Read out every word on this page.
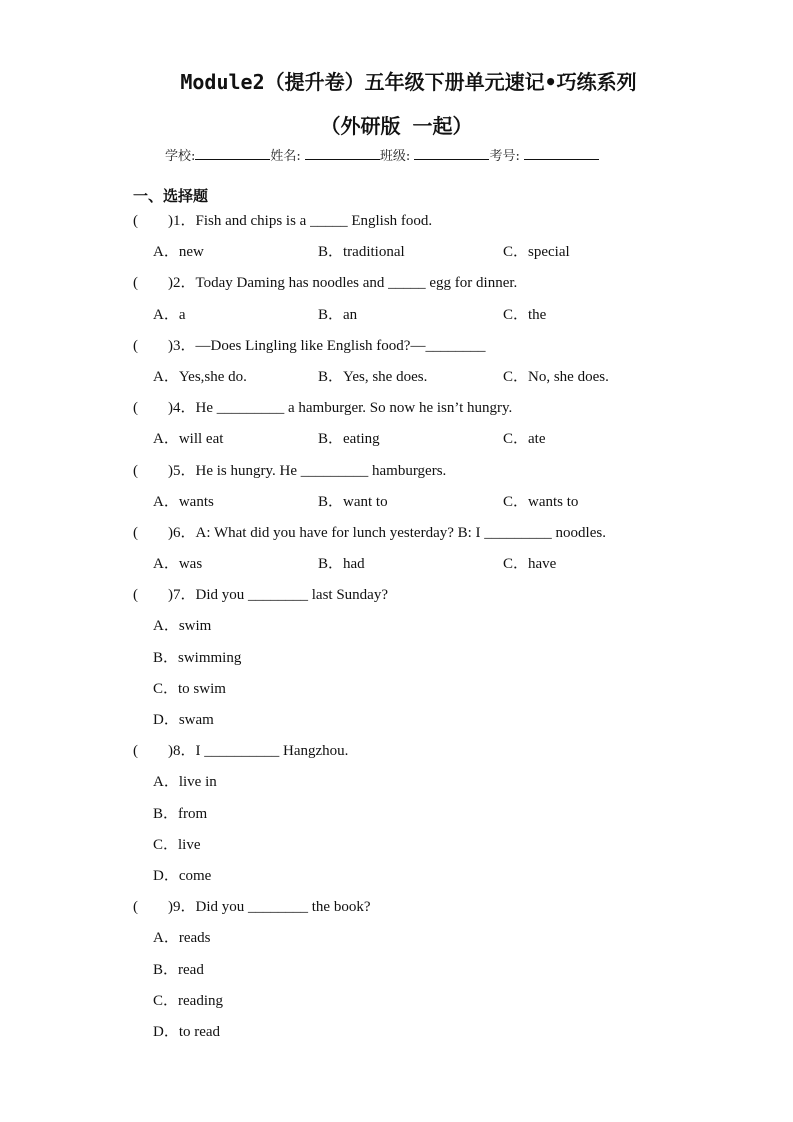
Module2（提升卷）五年级下册单元速记•巧练系列
（外研版 一起）
学校:	姓名:	班级:	考号:
一、选择题
(　　)1．Fish and chips is a _____ English food.
A．new	B．traditional	C．special
(　　)2．Today Daming has noodles and _____ egg for dinner.
A．a	B．an	C．the
(　　)3．—Does Lingling like English food?—________
A．Yes,she do.	B．Yes, she does.	C．No, she does.
(　　)4．He _________ a hamburger. So now he isn’t hungry.
A．will eat	B．eating	C．ate
(　　)5．He is hungry. He _________ hamburgers.
A．wants	B．want to	C．wants to
(　　)6．A: What did you have for lunch yesterday? B: I _________ noodles.
A．was	B．had	C．have
(　　)7．Did you ________ last Sunday?
A．swim
B．swimming
C．to swim
D．swam
(　　)8．I __________ Hangzhou.
A．live in
B．from
C．live
D．come
(　　)9．Did you ________ the book?
A．reads
B．read
C．reading
D．to read
